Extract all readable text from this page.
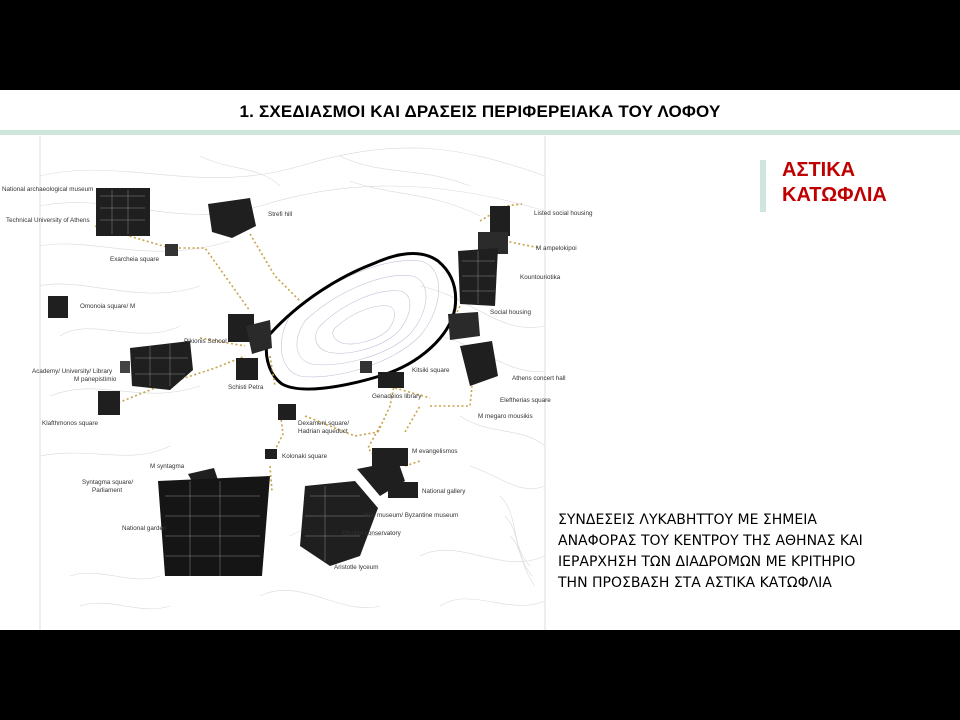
1. ΣΧΕΔΙΑΣΜΟΙ ΚΑΙ ΔΡΑΣΕΙΣ ΠΕΡΙΦΕΡΕΙΑΚΑ ΤΟΥ ΛΟΦΟΥ
National archaeological museum
Technical University of Athens
Exarcheia square
Strefi hill
Omonoia square/ M
Pikionis School
Academy/ University/ Library
M panepistimio
Schisti Petra
Klafthmonos square	Dexameni square/
Hadrian aqueduct
Kolonaki square
M syntagma
Syntagma square/
Parliament
National garden
Genadeios library
Kitsiki square
M evangelismos
National gallery
War museum/ Byzantine museum
Ethniko conservatory
Aristotle lyceum
Listed social housing
M ampelokipoi
Kountouriotika
Social housing
Athens concert hall
Eleftherias square
M megaro mousikis
ΑΣΤΙΚΑ
ΚΑΤΩΦΛΙΑ
ΣΥΝΔΕΣΕΙΣ ΛΥΚΑΒΗΤΤΟΥ ΜΕ ΣΗΜΕΙΑ
ΑΝΑΦΟΡΑΣ ΤΟΥ ΚΕΝΤΡΟΥ ΤΗΣ ΑΘΗΝΑΣ ΚΑΙ
ΙΕΡΑΡΧΗΣΗ ΤΩΝ ΔΙΑΔΡΟΜΩΝ ΜΕ ΚΡΙΤΗΡΙΟ
ΤΗΝ ΠΡΟΣΒΑΣΗ ΣΤΑ ΑΣΤΙΚΑ ΚΑΤΩΦΛΙΑ
